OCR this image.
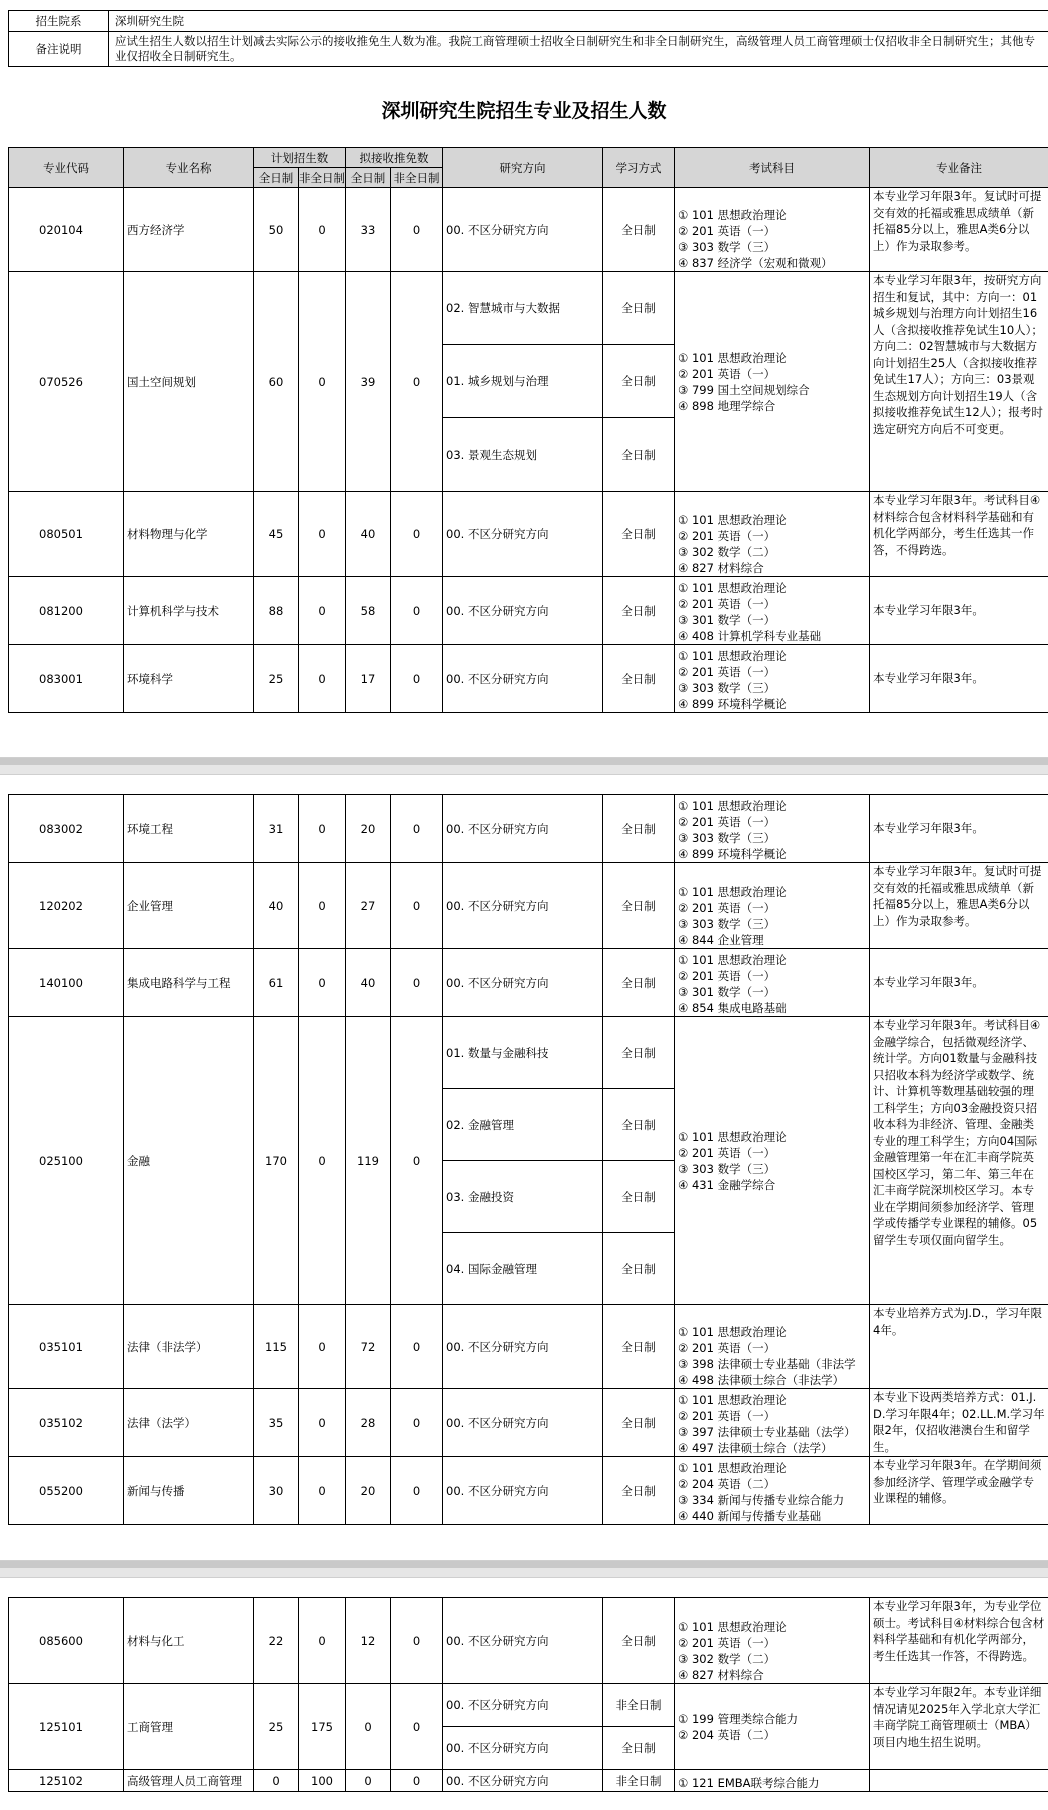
招生院系	深圳研究生院
备注说明	应试生招生人数以招生计划减去实际公示的接收推免生人数为准。我院工商管理硕士招收全日制研究生和非全日制研究生，高级管理人员工商管理硕士仅招收非全日制研究生；其他专业仅招收全日制研究生。
深圳研究生院招生专业及招生人数
专业代码	专业名称	计划招生数		拟接收推免数		研究方向	学习方式	考试科目	专业备注
		全日制	非全日制	全日制	非全日制				
020104	西方经济学	50	0	33	0	00. 不区分研究方向	全日制	① 101 思想政治理论
② 201 英语（一）
③ 303 数学（三）
④ 837 经济学（宏观和微观）	本专业学习年限3年。复试时可提交有效的托福或雅思成绩单（新托福85分以上，雅思A类6分以上）作为录取参考。
070526	国土空间规划	60	0	39	0	02. 智慧城市与大数据	全日制	① 101 思想政治理论
② 201 英语（一）
③ 799 国土空间规划综合
④ 898 地理学综合	本专业学习年限3年，按研究方向招生和复试，其中：方向一：01城乡规划与治理方向计划招生16人（含拟接收推荐免试生10人）；方向二：02智慧城市与大数据方向计划招生25人（含拟接收推荐免试生17人）；方向三：03景观生态规划方向计划招生19人（含拟接收推荐免试生12人）；报考时选定研究方向后不可变更。
						01. 城乡规划与治理	全日制		
						03. 景观生态规划	全日制		
080501	材料物理与化学	45	0	40	0	00. 不区分研究方向	全日制	① 101 思想政治理论
② 201 英语（一）
③ 302 数学（二）
④ 827 材料综合	本专业学习年限3年。考试科目④材料综合包含材料科学基础和有机化学两部分，考生任选其一作答，不得跨选。
081200	计算机科学与技术	88	0	58	0	00. 不区分研究方向	全日制	① 101 思想政治理论
② 201 英语（一）
③ 301 数学（一）
④ 408 计算机学科专业基础	本专业学习年限3年。
083001	环境科学	25	0	17	0	00. 不区分研究方向	全日制	① 101 思想政治理论
② 201 英语（一）
③ 303 数学（三）
④ 899 环境科学概论	本专业学习年限3年。
083002	环境工程	31	0	20	0	00. 不区分研究方向	全日制	① 101 思想政治理论
② 201 英语（一）
③ 303 数学（三）
④ 899 环境科学概论	本专业学习年限3年。
120202	企业管理	40	0	27	0	00. 不区分研究方向	全日制	① 101 思想政治理论
② 201 英语（一）
③ 303 数学（三）
④ 844 企业管理	本专业学习年限3年。复试时可提交有效的托福或雅思成绩单（新托福85分以上，雅思A类6分以上）作为录取参考。
140100	集成电路科学与工程	61	0	40	0	00. 不区分研究方向	全日制	① 101 思想政治理论
② 201 英语（一）
③ 301 数学（一）
④ 854 集成电路基础	本专业学习年限3年。
025100	金融	170	0	119	0	01. 数量与金融科技	全日制	① 101 思想政治理论
② 201 英语（一）
③ 303 数学（三）
④ 431 金融学综合	本专业学习年限3年。考试科目④金融学综合，包括微观经济学、统计学。方向01数量与金融科技只招收本科为经济学或数学、统计、计算机等数理基础较强的理工科学生；方向03金融投资只招收本科为非经济、管理、金融类专业的理工科学生；方向04国际金融管理第一年在汇丰商学院英国校区学习，第二年、第三年在汇丰商学院深圳校区学习。本专业在学期间须参加经济学、管理学或传播学专业课程的辅修。05留学生专项仅面向留学生。
						02. 金融管理	全日制		
						03. 金融投资	全日制		
						04. 国际金融管理	全日制		
035101	法律（非法学）	115	0	72	0	00. 不区分研究方向	全日制	① 101 思想政治理论
② 201 英语（一）
③ 398 法律硕士专业基础（非法学
④ 498 法律硕士综合（非法学）	本专业培养方式为J.D.，学习年限4年。
035102	法律（法学）	35	0	28	0	00. 不区分研究方向	全日制	① 101 思想政治理论
② 201 英语（一）
③ 397 法律硕士专业基础（法学）
④ 497 法律硕士综合（法学）	本专业下设两类培养方式：01.J.D.学习年限4年；02.LL.M.学习年限2年，仅招收港澳台生和留学生。
055200	新闻与传播	30	0	20	0	00. 不区分研究方向	全日制	① 101 思想政治理论
② 204 英语（二）
③ 334 新闻与传播专业综合能力
④ 440 新闻与传播专业基础	本专业学习年限3年。在学期间须参加经济学、管理学或金融学专业课程的辅修。
085600	材料与化工	22	0	12	0	00. 不区分研究方向	全日制	① 101 思想政治理论
② 201 英语（一）
③ 302 数学（二）
④ 827 材料综合	本专业学习年限3年，为专业学位硕士。考试科目④材料综合包含材料科学基础和有机化学两部分，考生任选其一作答，不得跨选。
125101	工商管理	25	175	0	0	00. 不区分研究方向	非全日制	① 199 管理类综合能力
② 204 英语（二）	本专业学习年限2年。本专业详细情况请见2025年入学北京大学汇丰商学院工商管理硕士（MBA）项目内地生招生说明。
						00. 不区分研究方向	全日制		
125102	高级管理人员工商管理	0	100	0	0	00. 不区分研究方向	非全日制	① 121 EMBA联考综合能力	
